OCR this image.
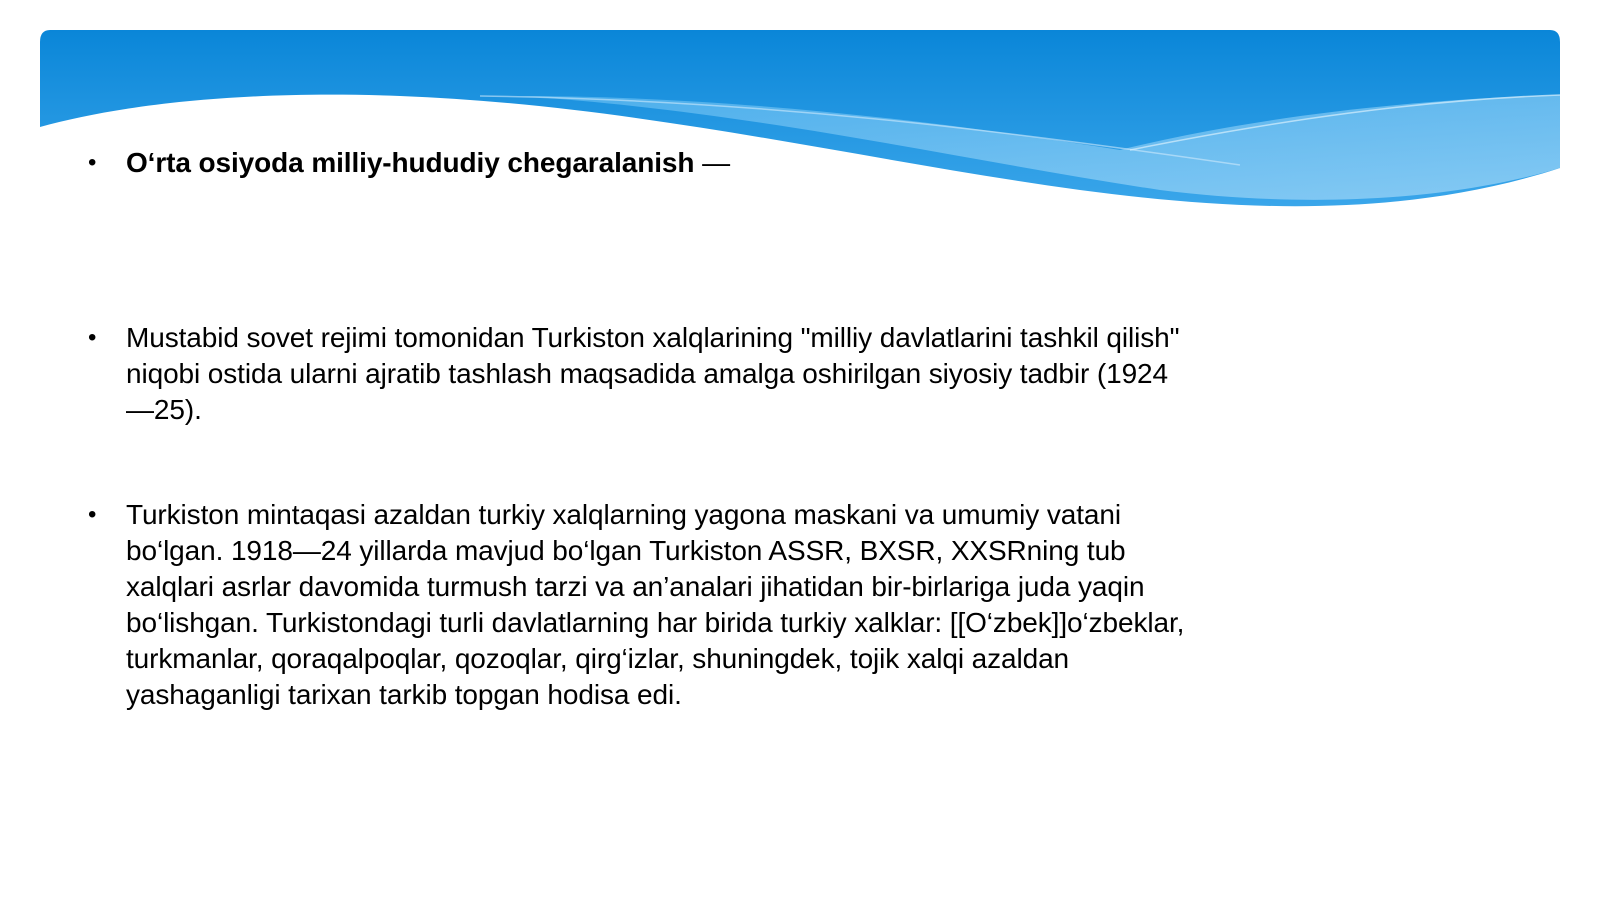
•	O‘rta osiyoda milliy-hududiy chegaralanish —
•	Mustabid sovet rejimi tomonidan Turkiston xalqlarining "milliy davlatlarini tashkil qilish" niqobi ostida ularni ajratib tashlash maqsadida amalga oshirilgan siyosiy tadbir (1924—25).
•	Turkiston mintaqasi azaldan turkiy xalqlarning yagona maskani va umumiy vatani bo‘lgan. 1918—24 yillarda mavjud bo‘lgan Turkiston ASSR, BXSR, XXSRning tub xalqlari asrlar davomida turmush tarzi va an’analari jihatidan bir-birlariga juda yaqin bo‘lishgan. Turkistondagi turli davlatlarning har birida turkiy xalklar: [[O‘zbek]]o‘zbeklar, turkmanlar, qoraqalpoqlar, qozoqlar, qirg‘izlar, shuningdek, tojik xalqi azaldan yashaganligi tarixan tarkib topgan hodisa edi.
